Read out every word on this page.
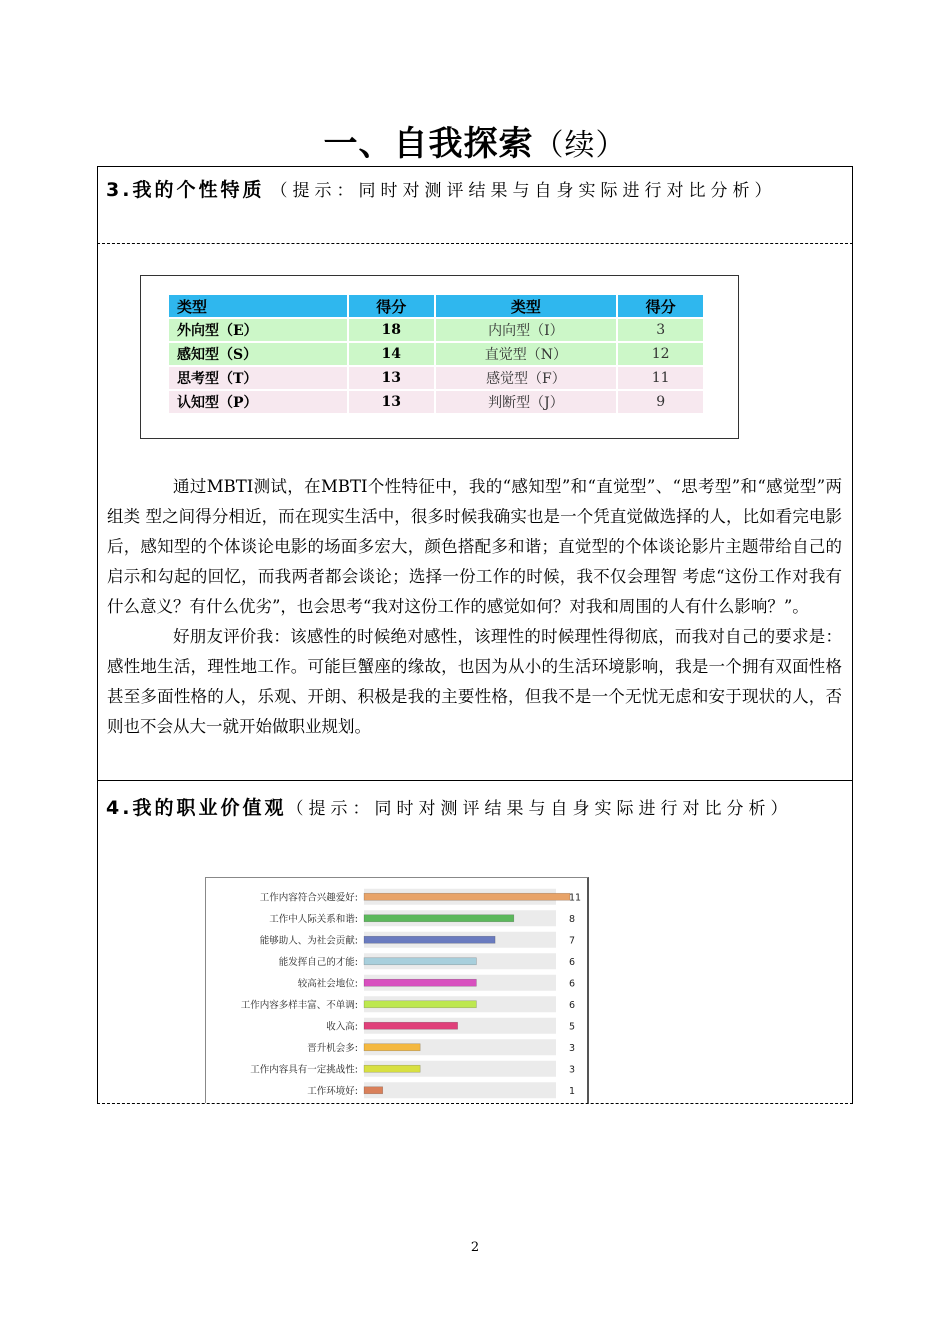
一、自我探索（续）
3.我的个性特质 （提示：同时对测评结果与自身实际进行对比分析）
类型	得分	类型	得分
外向型（E）	18	内向型（I）	3
感知型（S）	14	直觉型（N）	12
思考型（T）	13	感觉型（F）	11
认知型（P）	13	判断型（J）	9

通过MBTI测试，在MBTI个性特征中，我的“感知型”和“直觉型”、“思考型”和“感觉型”两组类 型之间得分相近，而在现实生活中，很多时候我确实也是一个凭直觉做选择的人，比如看完电影后，感知型的个体谈论电影的场面多宏大，颜色搭配多和谐；直觉型的个体谈论影片主题带给自己的启示和勾起的回忆，而我两者都会谈论；选择一份工作的时候，我不仅会理智 考虑“这份工作对我有什么意义？有什么优劣”，也会思考“我对这份工作的感觉如何？对我和周围的人有什么影响？”。

好朋友评价我：该感性的时候绝对感性，该理性的时候理性得彻底，而我对自己的要求是：感性地生活，理性地工作。可能巨蟹座的缘故，也因为从小的生活环境影响，我是一个拥有双面性格甚至多面性格的人，乐观、开朗、积极是我的主要性格，但我不是一个无忧无虑和安于现状的人，否则也不会从大一就开始做职业规划。

4.我的职业价值观（提示：同时对测评结果与自身实际进行对比分析）
工作内容符合兴趣爱好:	11
工作中人际关系和谐:	8
能够助人、为社会贡献:	7
能发挥自己的才能:	6
较高社会地位:	6
工作内容多样丰富、不单调:	6
收入高:	5
晋升机会多:	3
工作内容具有一定挑战性:	3
工作环境好:	1
2
